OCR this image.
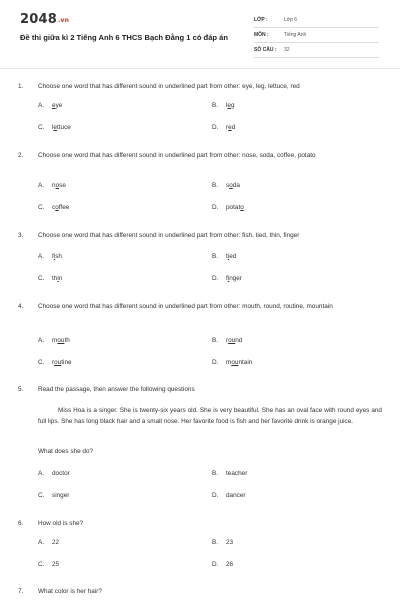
2048.vn
Đề thi giữa kì 2 Tiếng Anh 6 THCS Bạch Đằng 1 có đáp án
LỚP :	Lớp 6
MÔN :	Tiếng Anh
SỐ CÂU : 32
1. Choose one word that has different sound in underlined part from other: eye, leg, lettuce, red
A. eye	B. leg
C. lettuce	D. red
2. Choose one word that has different sound in underlined part from other: nose, soda, coffee, potato
A. nose	B. soda
C. coffee	D. potato
3. Choose one word that has different sound in underlined part from other: fish, tied, thin, finger
A. fish	B. tied
C. thin	D. finger
4. Choose one word that has different sound in underlined part from other: mouth, round, routine, mountain
A. mouth	B. round
C. routine	D. mountain
5. Read the passage, then answer the following questions
Miss Hoa is a singer. She is twenty-six years old. She is very beautiful. She has an oval face with round eyes and full lips. She has long black hair and a small nose. Her favorite food is fish and her favorite drink is orange juice.
What does she do?
A. doctor	B. teacher
C. singer	D. dancer
6. How old is she?
A. 22	B. 23
C. 25	D. 26
7. What color is her hair?
